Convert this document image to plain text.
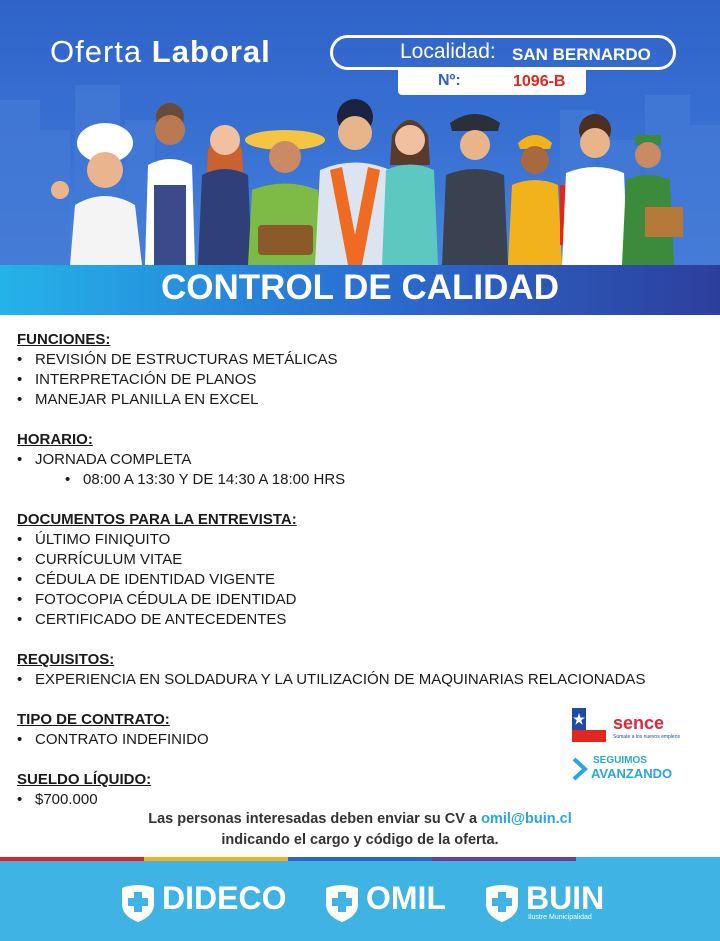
Oferta Laboral	Localidad: SAN BERNARDO
Nº:	1096-B
CONTROL DE CALIDAD
FUNCIONES:
• REVISIÓN DE ESTRUCTURAS METÁLICAS
• INTERPRETACIÓN DE PLANOS
• MANEJAR PLANILLA EN EXCEL
HORARIO:
• JORNADA COMPLETA
• 08:00 A 13:30 Y DE 14:30 A 18:00 HRS
DOCUMENTOS PARA LA ENTREVISTA:
• ÚLTIMO FINIQUITO
• CURRÍCULUM VITAE
• CÉDULA DE IDENTIDAD VIGENTE
• FOTOCOPIA CÉDULA DE IDENTIDAD
• CERTIFICADO DE ANTECEDENTES
REQUISITOS:
• EXPERIENCIA EN SOLDADURA Y LA UTILIZACIÓN DE MAQUINARIAS RELACIONADAS
TIPO DE CONTRATO:
• CONTRATO INDEFINIDO
SUELDO LÍQUIDO:
• $700.000
sence
Súmate a los nuevos empleos
SEGUIMOS
AVANZANDO
Las personas interesadas deben enviar su CV a omil@buin.cl
indicando el cargo y código de la oferta.
DIDECO OMIL	BUIN
Ilustre Municipalidad
